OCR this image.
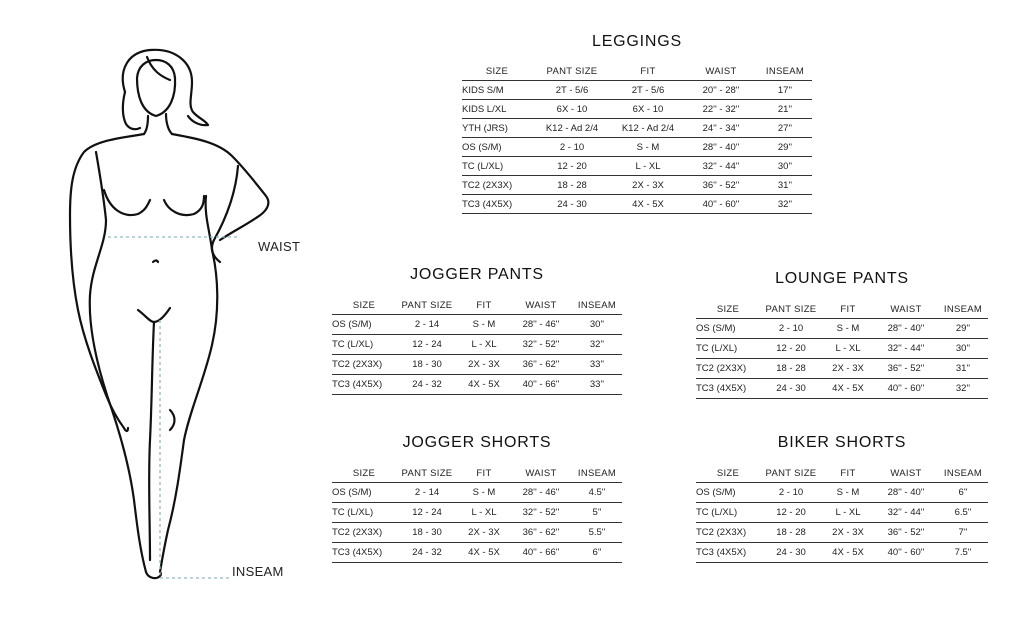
WAIST
INSEAM
LEGGINGS
SIZE	PANT SIZE	FIT	WAIST	INSEAM
KIDS S/M	2T - 5/6	2T - 5/6	20'' - 28''	17''
KIDS L/XL	6X - 10	6X - 10	22'' - 32''	21''
YTH (JRS)	K12 - Ad 2/4	K12 - Ad 2/4	24'' - 34''	27''
OS (S/M)	2 - 10	S - M	28'' - 40''	29''
TC (L/XL)	12 - 20	L - XL	32'' - 44''	30''
TC2 (2X3X)	18 - 28	2X - 3X	36'' - 52''	31''
TC3 (4X5X)	24 - 30	4X - 5X	40'' - 60''	32''
JOGGER PANTS
SIZE	PANT SIZE	FIT	WAIST	INSEAM
OS (S/M)	2 - 14	S - M	28'' - 46''	30''
TC (L/XL)	12 - 24	L - XL	32'' - 52''	32''
TC2 (2X3X)	18 - 30	2X - 3X	36'' - 62''	33''
TC3 (4X5X)	24 - 32	4X - 5X	40'' - 66''	33''
LOUNGE PANTS
SIZE	PANT SIZE	FIT	WAIST	INSEAM
OS (S/M)	2 - 10	S - M	28'' - 40''	29''
TC (L/XL)	12 - 20	L - XL	32'' - 44''	30''
TC2 (2X3X)	18 - 28	2X - 3X	36'' - 52''	31''
TC3 (4X5X)	24 - 30	4X - 5X	40'' - 60''	32''
JOGGER SHORTS
SIZE	PANT SIZE	FIT	WAIST	INSEAM
OS (S/M)	2 - 14	S - M	28'' - 46''	4.5''
TC (L/XL)	12 - 24	L - XL	32'' - 52''	5''
TC2 (2X3X)	18 - 30	2X - 3X	36'' - 62''	5.5''
TC3 (4X5X)	24 - 32	4X - 5X	40'' - 66''	6''
BIKER SHORTS
SIZE	PANT SIZE	FIT	WAIST	INSEAM
OS (S/M)	2 - 10	S - M	28'' - 40''	6''
TC (L/XL)	12 - 20	L - XL	32'' - 44''	6.5''
TC2 (2X3X)	18 - 28	2X - 3X	36'' - 52''	7''
TC3 (4X5X)	24 - 30	4X - 5X	40'' - 60''	7.5''
